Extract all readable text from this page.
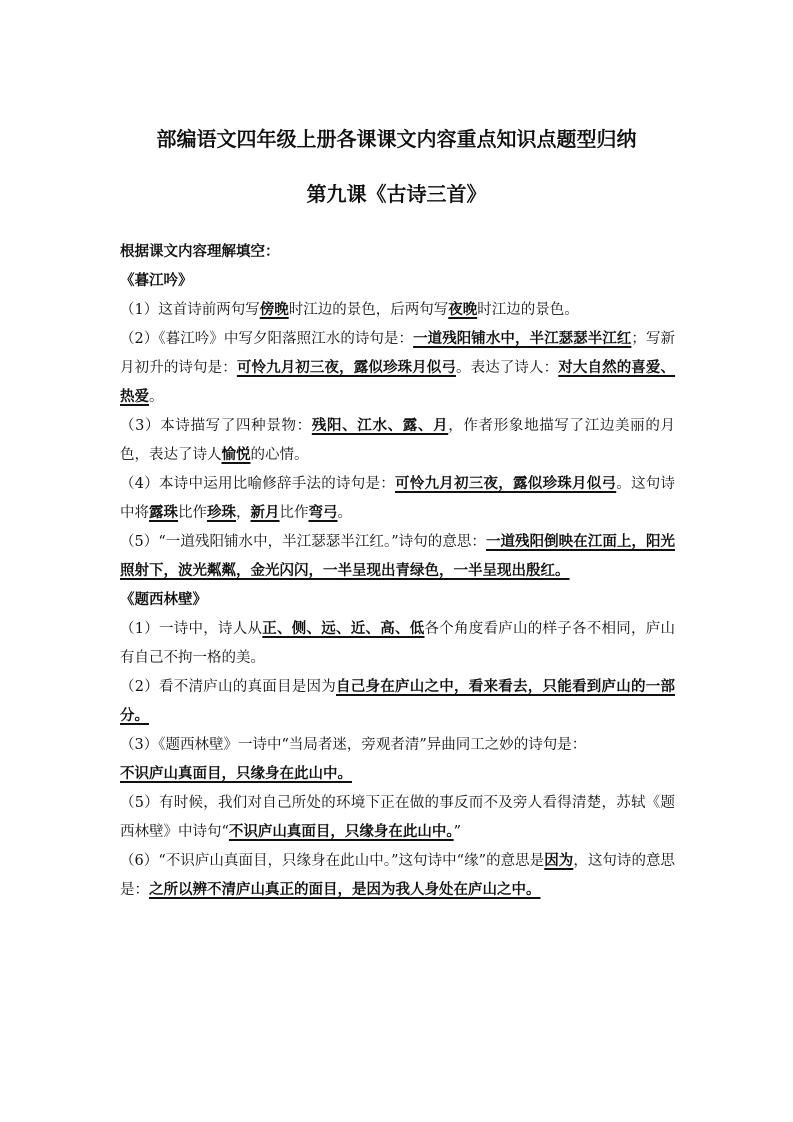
部编语文四年级上册各课课文内容重点知识点题型归纳
第九课《古诗三首》

根据课文内容理解填空：

《暮江吟》

（1）这首诗前两句写傍晚时江边的景色，后两句写夜晚时江边的景色。

（2）《暮江吟》中写夕阳落照江水的诗句是：一道残阳铺水中，半江瑟瑟半江红；写新月初升的诗句是：可怜九月初三夜，露似珍珠月似弓。表达了诗人：对大自然的喜爱、热爱。

（3）本诗描写了四种景物：残阳、江水、露、月，作者形象地描写了江边美丽的月色，表达了诗人愉悦的心情。

（4）本诗中运用比喻修辞手法的诗句是：可怜九月初三夜，露似珍珠月似弓。这句诗中将露珠比作珍珠，新月比作弯弓。

（5）“一道残阳铺水中，半江瑟瑟半江红。”诗句的意思：一道残阳倒映在江面上，阳光照射下，波光粼粼，金光闪闪，一半呈现出青绿色，一半呈现出殷红。

《题西林壁》

（1）一诗中，诗人从正、侧、远、近、高、低各个角度看庐山的样子各不相同，庐山有自己不拘一格的美。

（2）看不清庐山的真面目是因为自己身在庐山之中，看来看去，只能看到庐山的一部分。

（3）《题西林壁》一诗中“当局者迷，旁观者清”异曲同工之妙的诗句是：
不识庐山真面目，只缘身在此山中。

（5）有时候，我们对自己所处的环境下正在做的事反而不及旁人看得清楚，苏轼《题西林壁》中诗句“不识庐山真面目，只缘身在此山中。”

（6）“不识庐山真面目，只缘身在此山中。”这句诗中“缘”的意思是因为，这句诗的意思是：之所以辨不清庐山真正的面目，是因为我人身处在庐山之中。
